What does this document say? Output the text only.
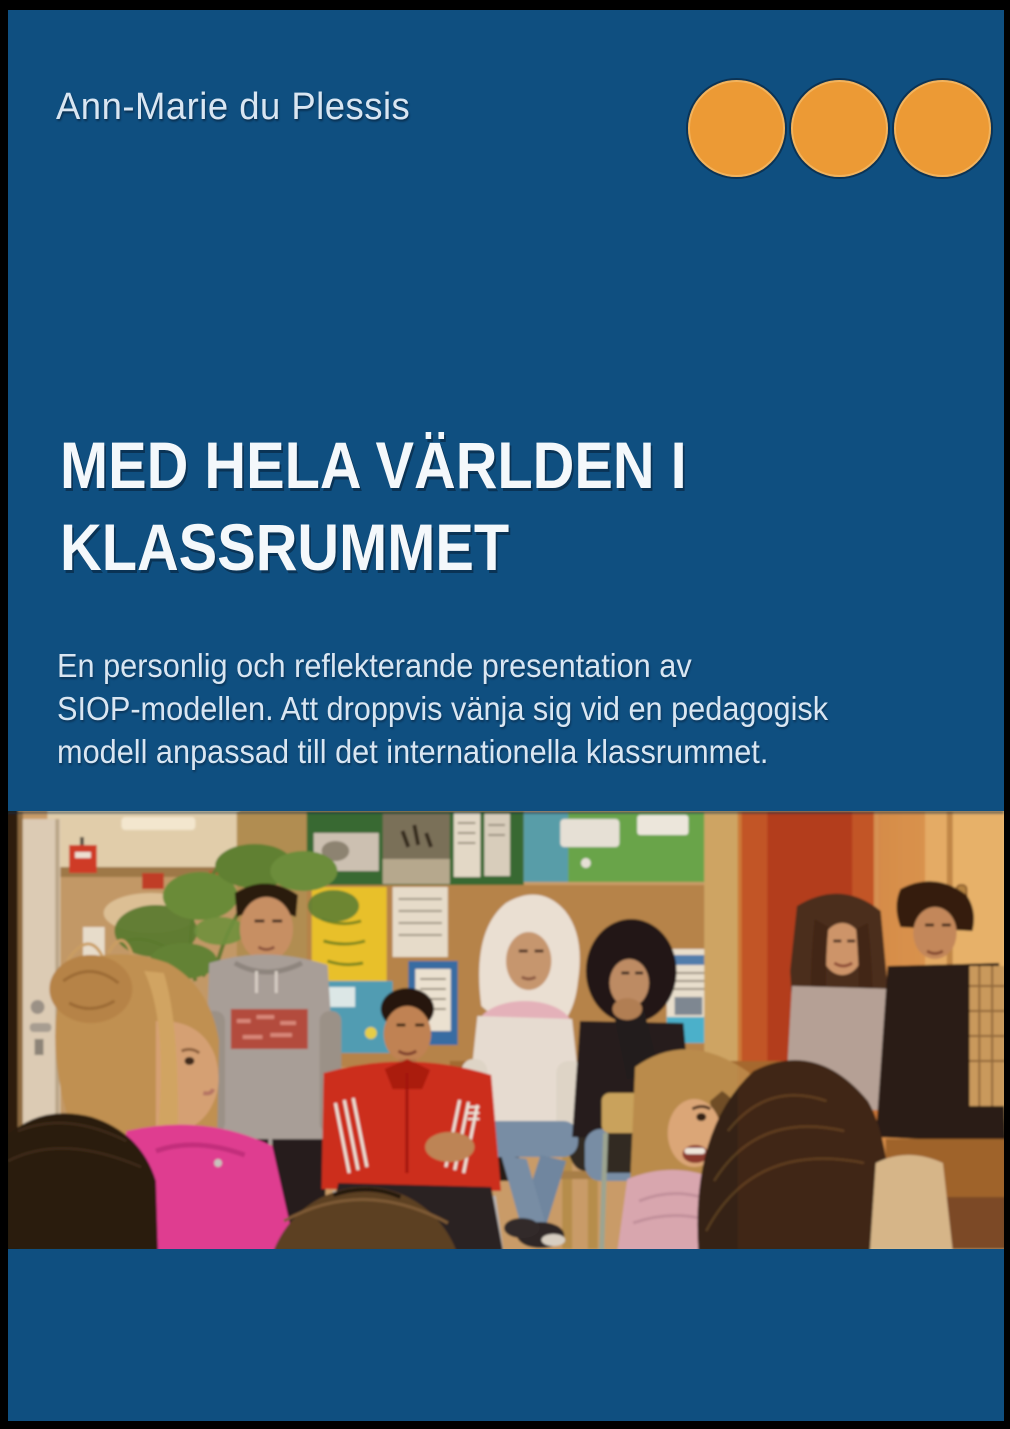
Ann-Marie du Plessis
MED HELA VÄRLDEN I
KLASSRUMMET
En personlig och reflekterande presentation av
SIOP-modellen. Att droppvis vänja sig vid en pedagogisk
modell anpassad till det internationella klassrummet.
